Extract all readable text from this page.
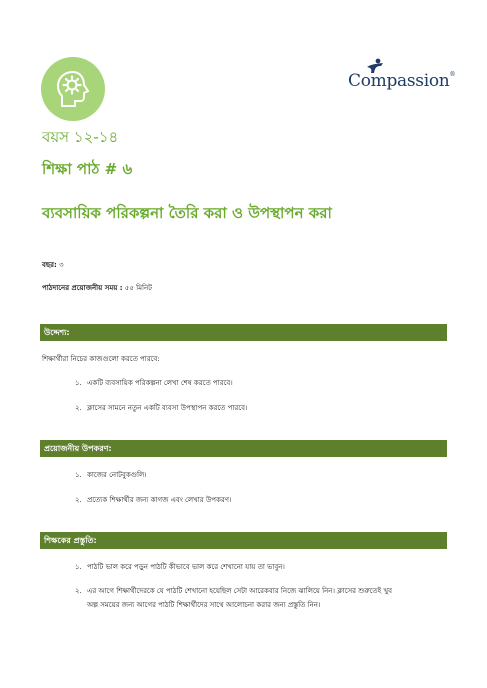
Compassion®
বয়স ১২-১৪
শিক্ষা পাঠ # ৬
ব্যবসায়িক পরিকল্পনা তৈরি করা ও উপস্থাপন করা
বছর: ৩
পাঠদানের প্রয়োজনীয় সময় : ৫৫ মিনিট
উদ্দেশ্য:
শিক্ষার্থীরা নিচের কাজগুলো করতে পারবে:
১. একটি ব্যবসায়িক পরিকল্পনা লেখা শেষ করতে পারবে।
২. ক্লাসের সামনে নতুন একটি ব্যবসা উপস্থাপন করতে পারবে।
প্রয়োজনীয় উপকরণ:
১. কাজের নোটবুকগুলি।
২. প্রত্যেক শিক্ষার্থীর জন্য কাগজ এবং লেখার উপকরণ।
শিক্ষকের প্রস্তুতি:
১. পাঠটি ভাল করে পড়ুন পাঠটি কীভাবে ভাল করে শেখানো যায় তা ভাবুন।
২. এর আগে শিক্ষার্থীদেরকে যে পাঠটি শেখানো হয়েছিল সেটা আরেকবার নিজে ঝালিয়ে নিন। ক্লাসের শুরুতেই খুব
অল্প সময়ের জন্য আগের পাঠটি শিক্ষার্থীদের সাথে আলোচনা করার জন্য প্রস্তুতি নিন।
